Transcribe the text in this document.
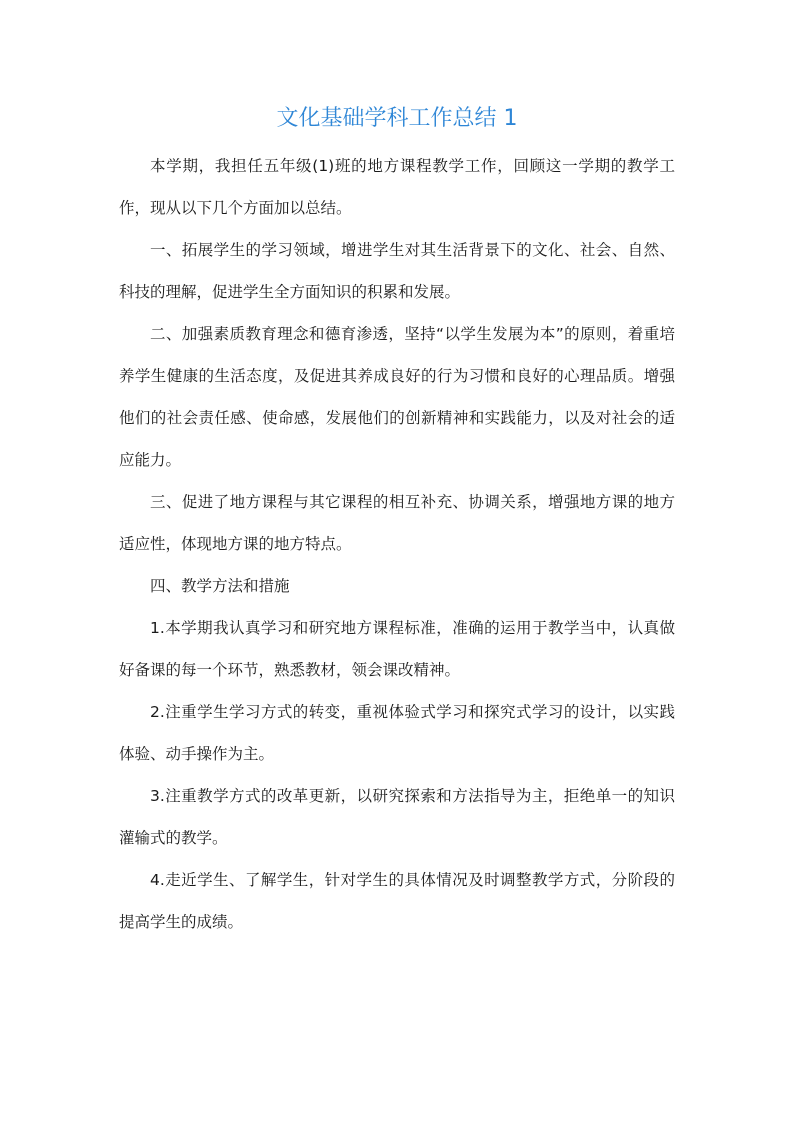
文化基础学科工作总结 1

本学期，我担任五年级(1)班的地方课程教学工作，回顾这一学期的教学工作，现从以下几个方面加以总结。

一、拓展学生的学习领域，增进学生对其生活背景下的文化、社会、自然、科技的理解，促进学生全方面知识的积累和发展。

二、加强素质教育理念和德育渗透，坚持“以学生发展为本”的原则，着重培养学生健康的生活态度，及促进其养成良好的行为习惯和良好的心理品质。增强他们的社会责任感、使命感，发展他们的创新精神和实践能力，以及对社会的适应能力。

三、促进了地方课程与其它课程的相互补充、协调关系，增强地方课的地方适应性，体现地方课的地方特点。

四、教学方法和措施

1.本学期我认真学习和研究地方课程标准，准确的运用于教学当中，认真做好备课的每一个环节，熟悉教材，领会课改精神。

2.注重学生学习方式的转变，重视体验式学习和探究式学习的设计，以实践体验、动手操作为主。

3.注重教学方式的改革更新，以研究探索和方法指导为主，拒绝单一的知识灌输式的教学。

4.走近学生、了解学生，针对学生的具体情况及时调整教学方式，分阶段的提高学生的成绩。
